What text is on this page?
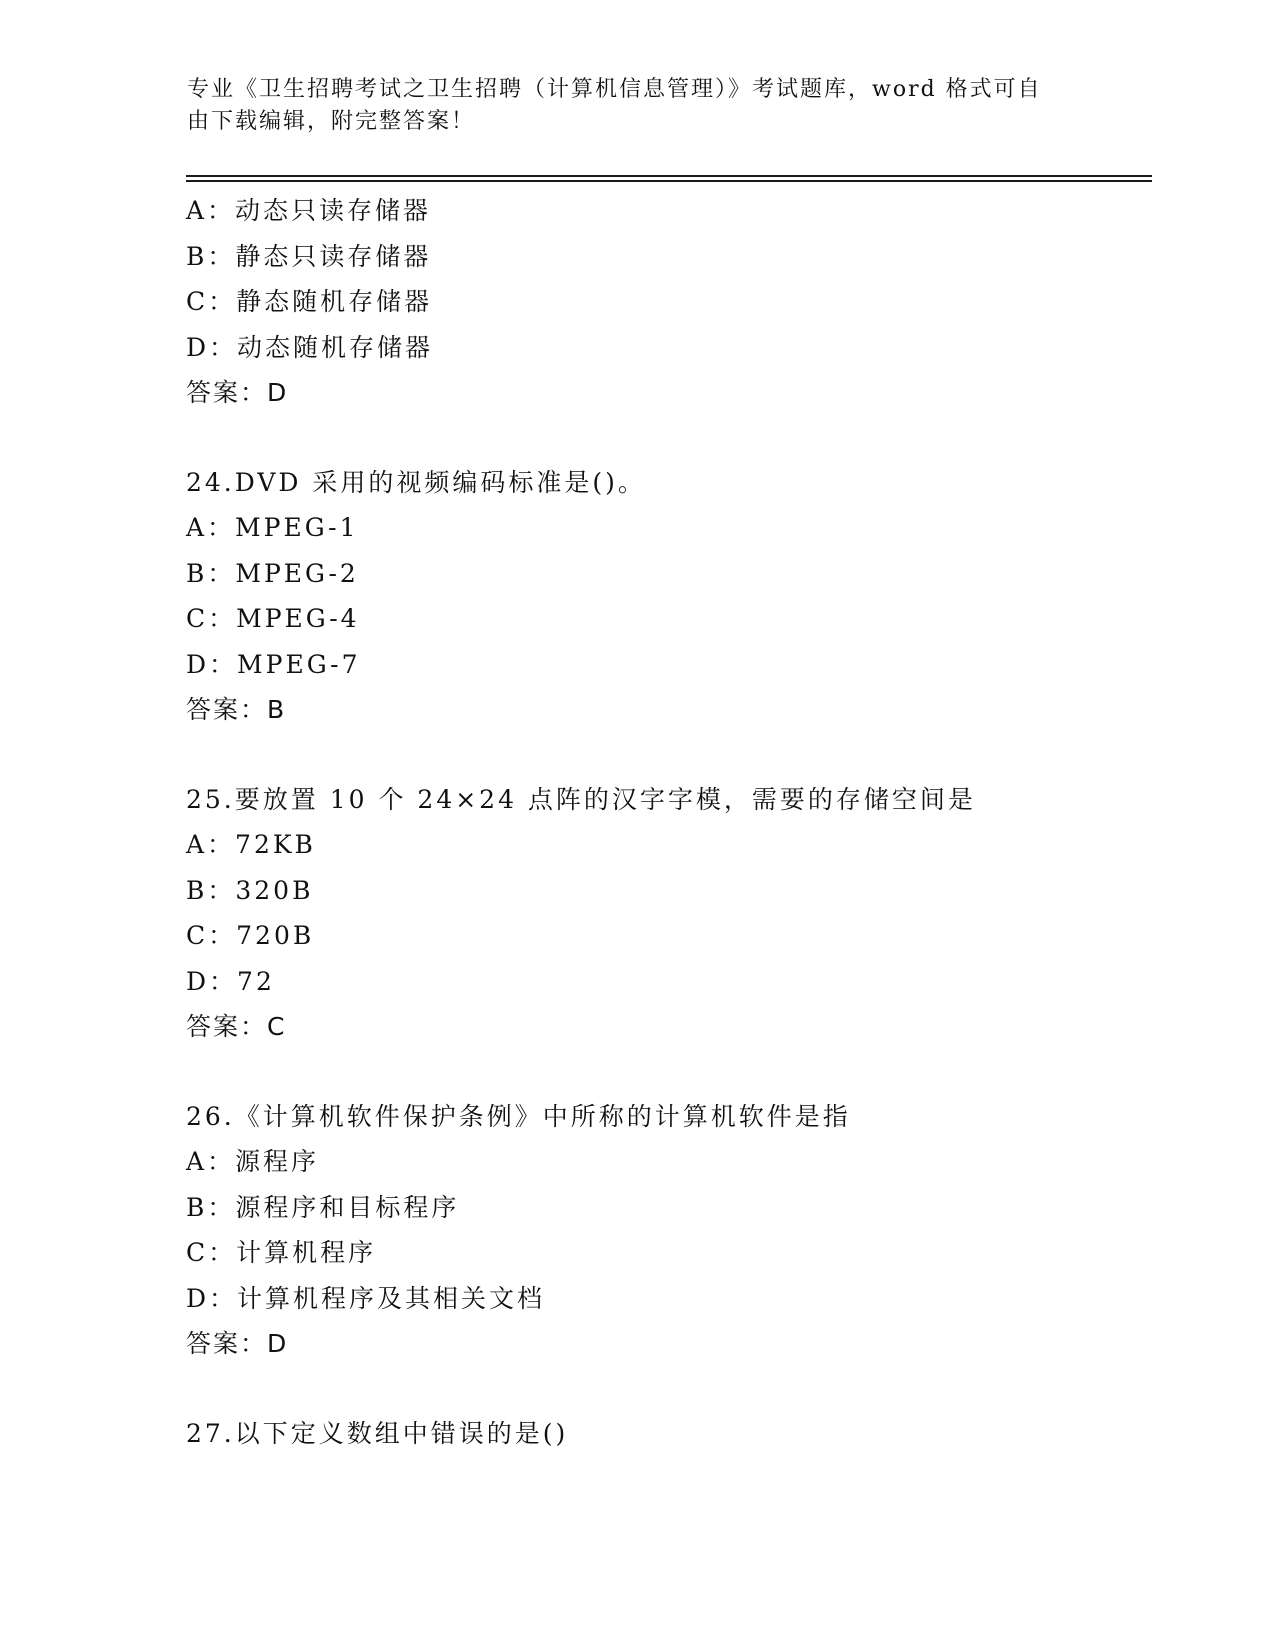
专业《卫生招聘考试之卫生招聘（计算机信息管理）》考试题库，word 格式可自
由下载编辑，附完整答案！
A：动态只读存储器
B：静态只读存储器
C：静态随机存储器
D：动态随机存储器
答案：D
24.DVD 采用的视频编码标准是()。
A：MPEG-1
B：MPEG-2
C：MPEG-4
D：MPEG-7
答案：B
25.要放置 10 个 24×24 点阵的汉字字模，需要的存储空间是
A：72KB
B：320B
C：720B
D：72
答案：C
26.《计算机软件保护条例》中所称的计算机软件是指
A：源程序
B：源程序和目标程序
C：计算机程序
D：计算机程序及其相关文档
答案：D
27.以下定义数组中错误的是()
